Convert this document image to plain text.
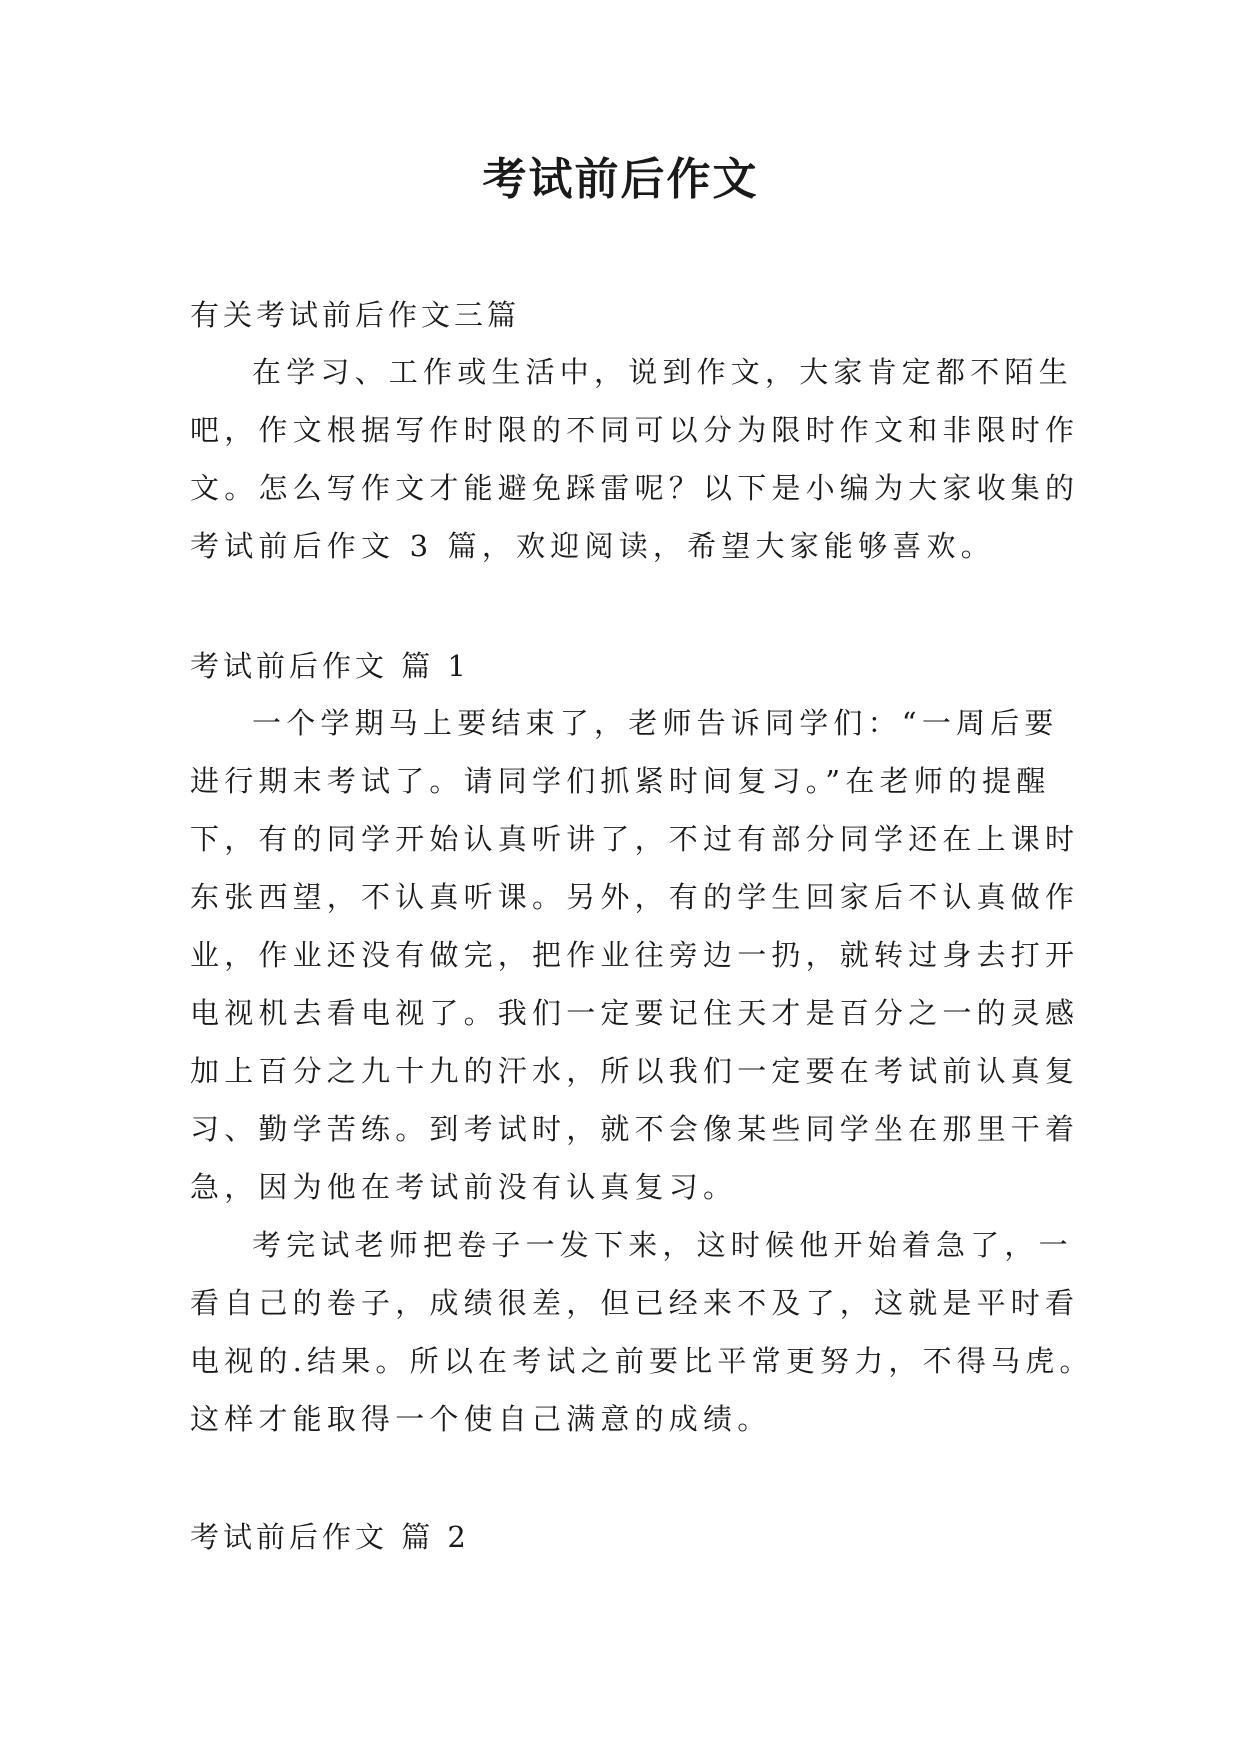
考试前后作文

有关考试前后作文三篇

在学习、工作或生活中，说到作文，大家肯定都不陌生

吧，作文根据写作时限的不同可以分为限时作文和非限时作

文。怎么写作文才能避免踩雷呢？以下是小编为大家收集的

考试前后作文 3 篇，欢迎阅读，希望大家能够喜欢。

考试前后作文 篇 1

一个学期马上要结束了，老师告诉同学们：“一周后要

进行期末考试了。请同学们抓紧时间复习。”在老师的提醒

下，有的同学开始认真听讲了，不过有部分同学还在上课时

东张西望，不认真听课。另外，有的学生回家后不认真做作

业，作业还没有做完，把作业往旁边一扔，就转过身去打开

电视机去看电视了。我们一定要记住天才是百分之一的灵感

加上百分之九十九的汗水，所以我们一定要在考试前认真复

习、勤学苦练。到考试时，就不会像某些同学坐在那里干着

急，因为他在考试前没有认真复习。

考完试老师把卷子一发下来，这时候他开始着急了，一

看自己的卷子，成绩很差，但已经来不及了，这就是平时看

电视的.结果。所以在考试之前要比平常更努力，不得马虎。

这样才能取得一个使自己满意的成绩。

考试前后作文 篇 2
